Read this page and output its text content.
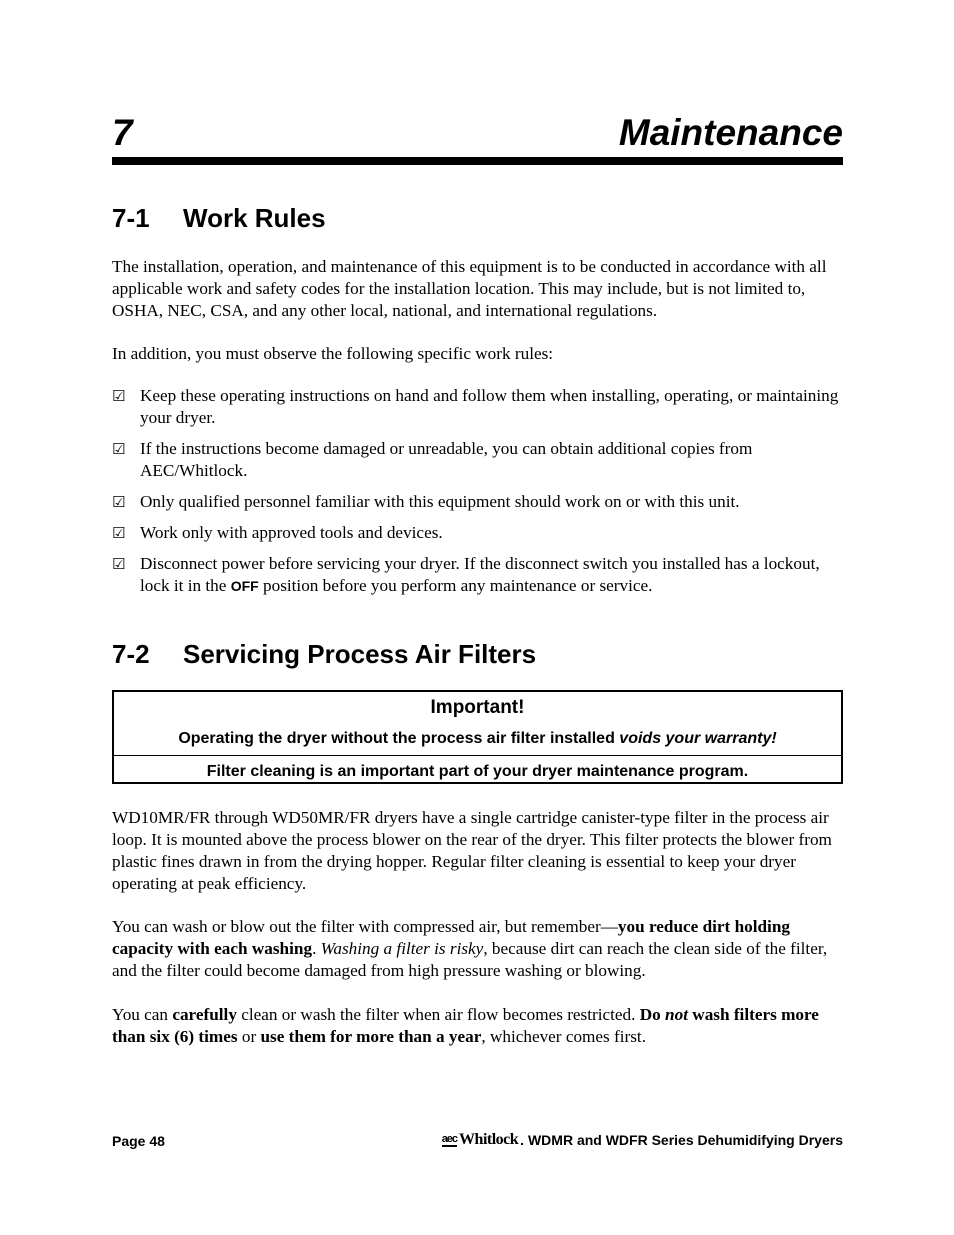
7	Maintenance
7-1 Work Rules

The installation, operation, and maintenance of this equipment is to be conducted in accordance with all applicable work and safety codes for the installation location. This may include, but is not limited to, OSHA, NEC, CSA, and any other local, national, and international regulations.

In addition, you must observe the following specific work rules:

☑ Keep these operating instructions on hand and follow them when installing, operating, or maintaining your dryer.
☑ If the instructions become damaged or unreadable, you can obtain additional copies from AEC/Whitlock.
☑ Only qualified personnel familiar with this equipment should work on or with this unit.
☑ Work only with approved tools and devices.
☑ Disconnect power before servicing your dryer. If the disconnect switch you installed has a lockout, lock it in the OFF position before you perform any maintenance or service.
7-2 Servicing Process Air Filters
Important!
Operating the dryer without the process air filter installed voids your warranty!
Filter cleaning is an important part of your dryer maintenance program.

WD10MR/FR through WD50MR/FR dryers have a single cartridge canister-type filter in the process air loop. It is mounted above the process blower on the rear of the dryer. This filter protects the blower from plastic fines drawn in from the drying hopper. Regular filter cleaning is essential to keep your dryer operating at peak efficiency.

You can wash or blow out the filter with compressed air, but remember—you reduce dirt holding capacity with each washing. Washing a filter is risky, because dirt can reach the clean side of the filter, and the filter could become damaged from high pressure washing or blowing.

You can carefully clean or wash the filter when air flow becomes restricted. Do not wash filters more than six (6) times or use them for more than a year, whichever comes first.

Page 48	aec Whitlock . WDMR and WDFR Series Dehumidifying Dryers
